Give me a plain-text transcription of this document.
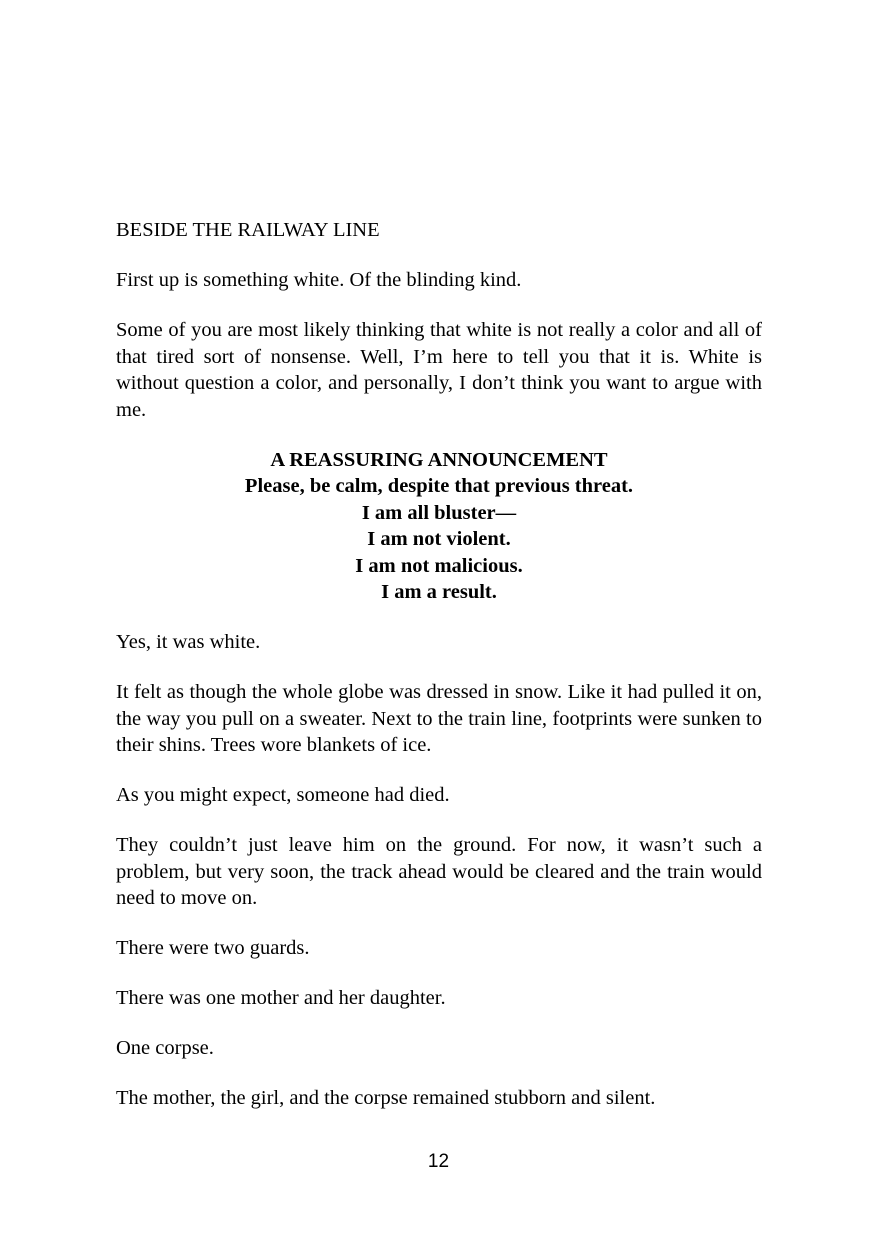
BESIDE THE RAILWAY LINE

First up is something white. Of the blinding kind.

Some of you are most likely thinking that white is not really a color and all of that tired sort of nonsense. Well, I’m here to tell you that it is. White is without question a color, and personally, I don’t think you want to argue with me.

A REASSURING ANNOUNCEMENT
Please, be calm, despite that previous threat.
I am all bluster—
I am not violent.
I am not malicious.
I am a result.

Yes, it was white.

It felt as though the whole globe was dressed in snow. Like it had pulled it on, the way you pull on a sweater. Next to the train line, footprints were sunken to their shins. Trees wore blankets of ice.

As you might expect, someone had died.

They couldn’t just leave him on the ground. For now, it wasn’t such a problem, but very soon, the track ahead would be cleared and the train would need to move on.

There were two guards.

There was one mother and her daughter.

One corpse.

The mother, the girl, and the corpse remained stubborn and silent.

12
